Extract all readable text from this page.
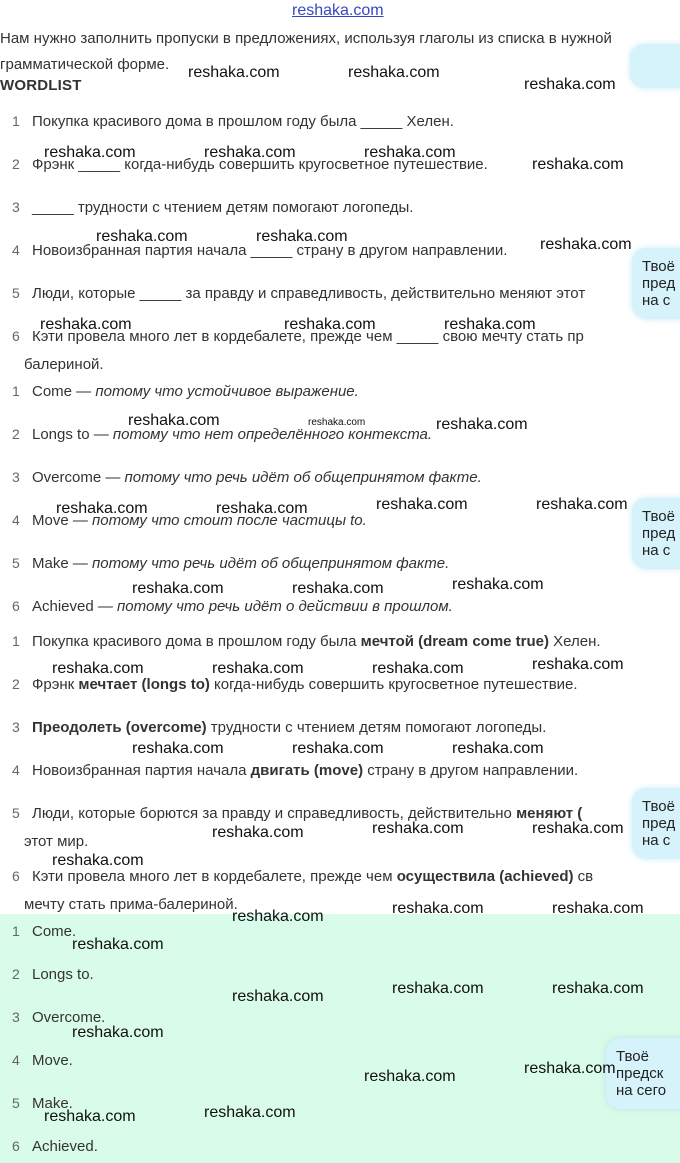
reshaka.com
Нам нужно заполнить пропуски в предложениях, используя глаголы из списка в нужной грамматической форме.
WORDLIST
1 Покупка красивого дома в прошлом году была _____ Хелен.
2 Фрэнк _____ когда-нибудь совершить кругосветное путешествие.
3 _____ трудности с чтением детям помогают логопеды.
4 Новоизбранная партия начала _____ страну в другом направлении.
5 Люди, которые _____ за правду и справедливость, действительно меняют этот
6 Кэти провела много лет в кордебалете, прежде чем _____ свою мечту стать пр
балериной.
1 Come — потому что устойчивое выражение.
2 Longs to — потому что нет определённого контекста.
3 Overcome — потому что речь идёт об общепринятом факте.
4 Move — потому что стоит после частицы to.
5 Make — потому что речь идёт об общепринятом факте.
6 Achieved — потому что речь идёт о действии в прошлом.
1 Покупка красивого дома в прошлом году была мечтой (dream come true) Хелен.
2 Фрэнк мечтает (longs to) когда-нибудь совершить кругосветное путешествие.
3 Преодолеть (overcome) трудности с чтением детям помогают логопеды.
4 Новоизбранная партия начала двигать (move) страну в другом направлении.
5 Люди, которые борются за правду и справедливость, действительно меняют (
этот мир.
6 Кэти провела много лет в кордебалете, прежде чем осуществила (achieved) св
мечту стать прима-балериной.
1 Come.
2 Longs to.
3 Overcome.
4 Move.
5 Make.
6 Achieved.
Твоё
пред
на с
Твоё
пред
на с
Твоё
пред
на с
Твоё
предск
на сего
reshaka.com	reshaka.com
reshaka.com
reshaka.com	reshaka.com	reshaka.com
reshaka.com
reshaka.com	reshaka.com	reshaka.com
reshaka.com	reshaka.com	reshaka.com
reshaka.com	reshaka.com	reshaka.com
reshaka.com	reshaka.com	reshaka.com	reshaka.com
reshaka.com	reshaka.com	reshaka.com
reshaka.com	reshaka.com	reshaka.com	reshaka.com
reshaka.com	reshaka.com	reshaka.com
reshaka.com	reshaka.com	reshaka.com
reshaka.com
reshaka.com	reshaka.com	reshaka.com
reshaka.com
reshaka.com	reshaka.com	reshaka.com
reshaka.com
reshaka.com	reshaka.com
reshaka.com	reshaka.com
